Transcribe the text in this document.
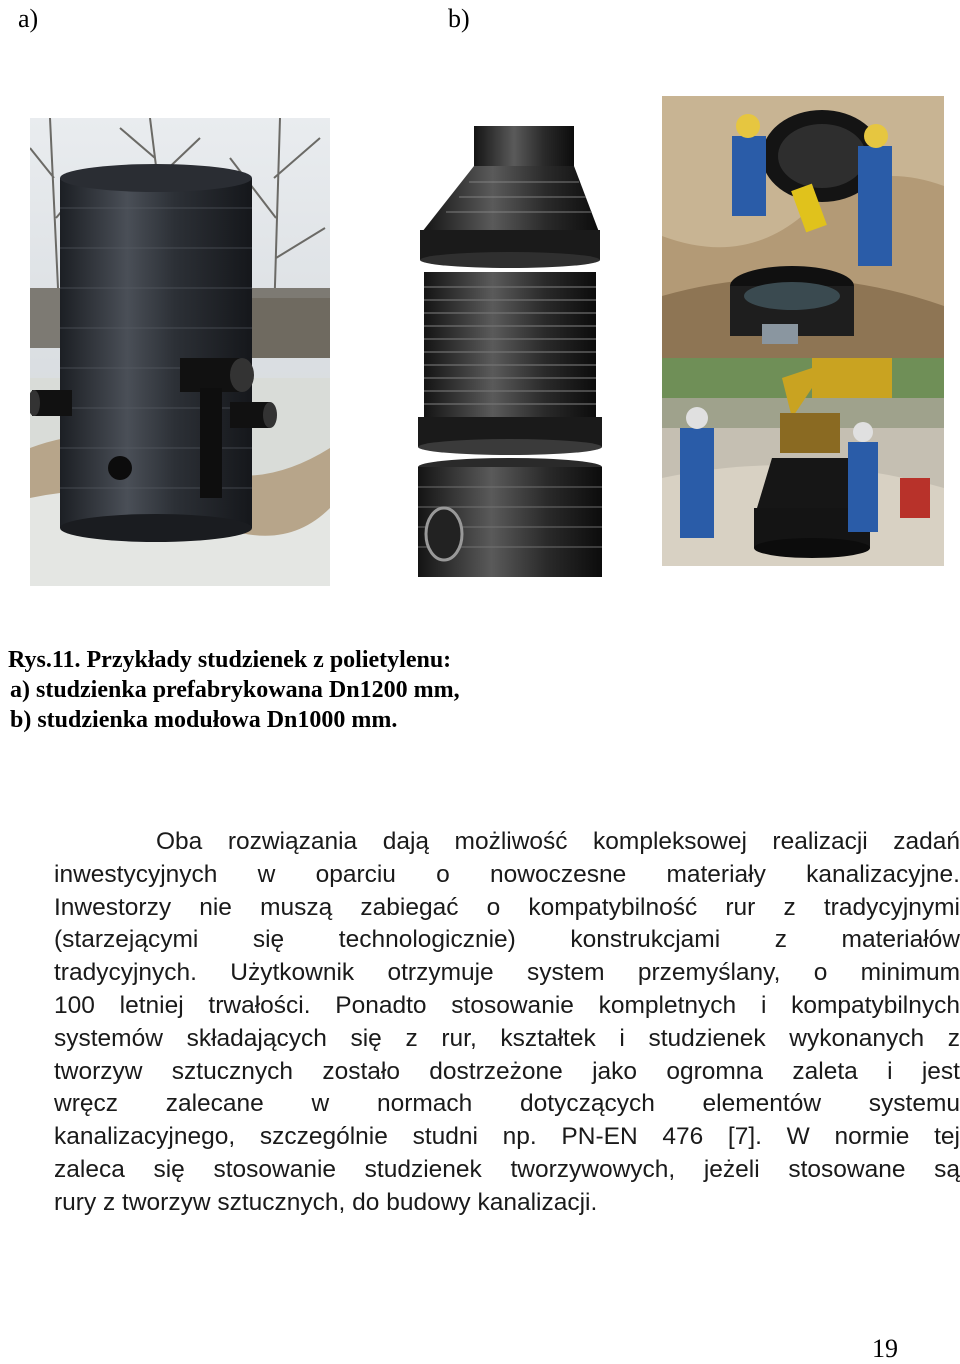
a)	b)
Rys.11. Przykłady studzienek z polietylenu:
a) studzienka prefabrykowana Dn1200 mm,
b) studzienka modułowa Dn1000 mm.
Oba rozwiązania dają możliwość kompleksowej realizacji zadań
inwestycyjnych w oparciu o nowoczesne materiały kanalizacyjne.
Inwestorzy nie muszą zabiegać o kompatybilność rur z tradycyjnymi
(starzejącymi się technologicznie) konstrukcjami z materiałów
tradycyjnych. Użytkownik otrzymuje system przemyślany, o minimum
100 letniej trwałości. Ponadto stosowanie kompletnych i kompatybilnych
systemów składających się z rur, kształtek i studzienek wykonanych z
tworzyw sztucznych zostało dostrzeżone jako ogromna zaleta i jest
wręcz zalecane w normach dotyczących elementów systemu
kanalizacyjnego, szczególnie studni np. PN-EN 476 [7]. W normie tej
zaleca się stosowanie studzienek tworzywowych, jeżeli stosowane są
rury z tworzyw sztucznych, do budowy kanalizacji.
19
